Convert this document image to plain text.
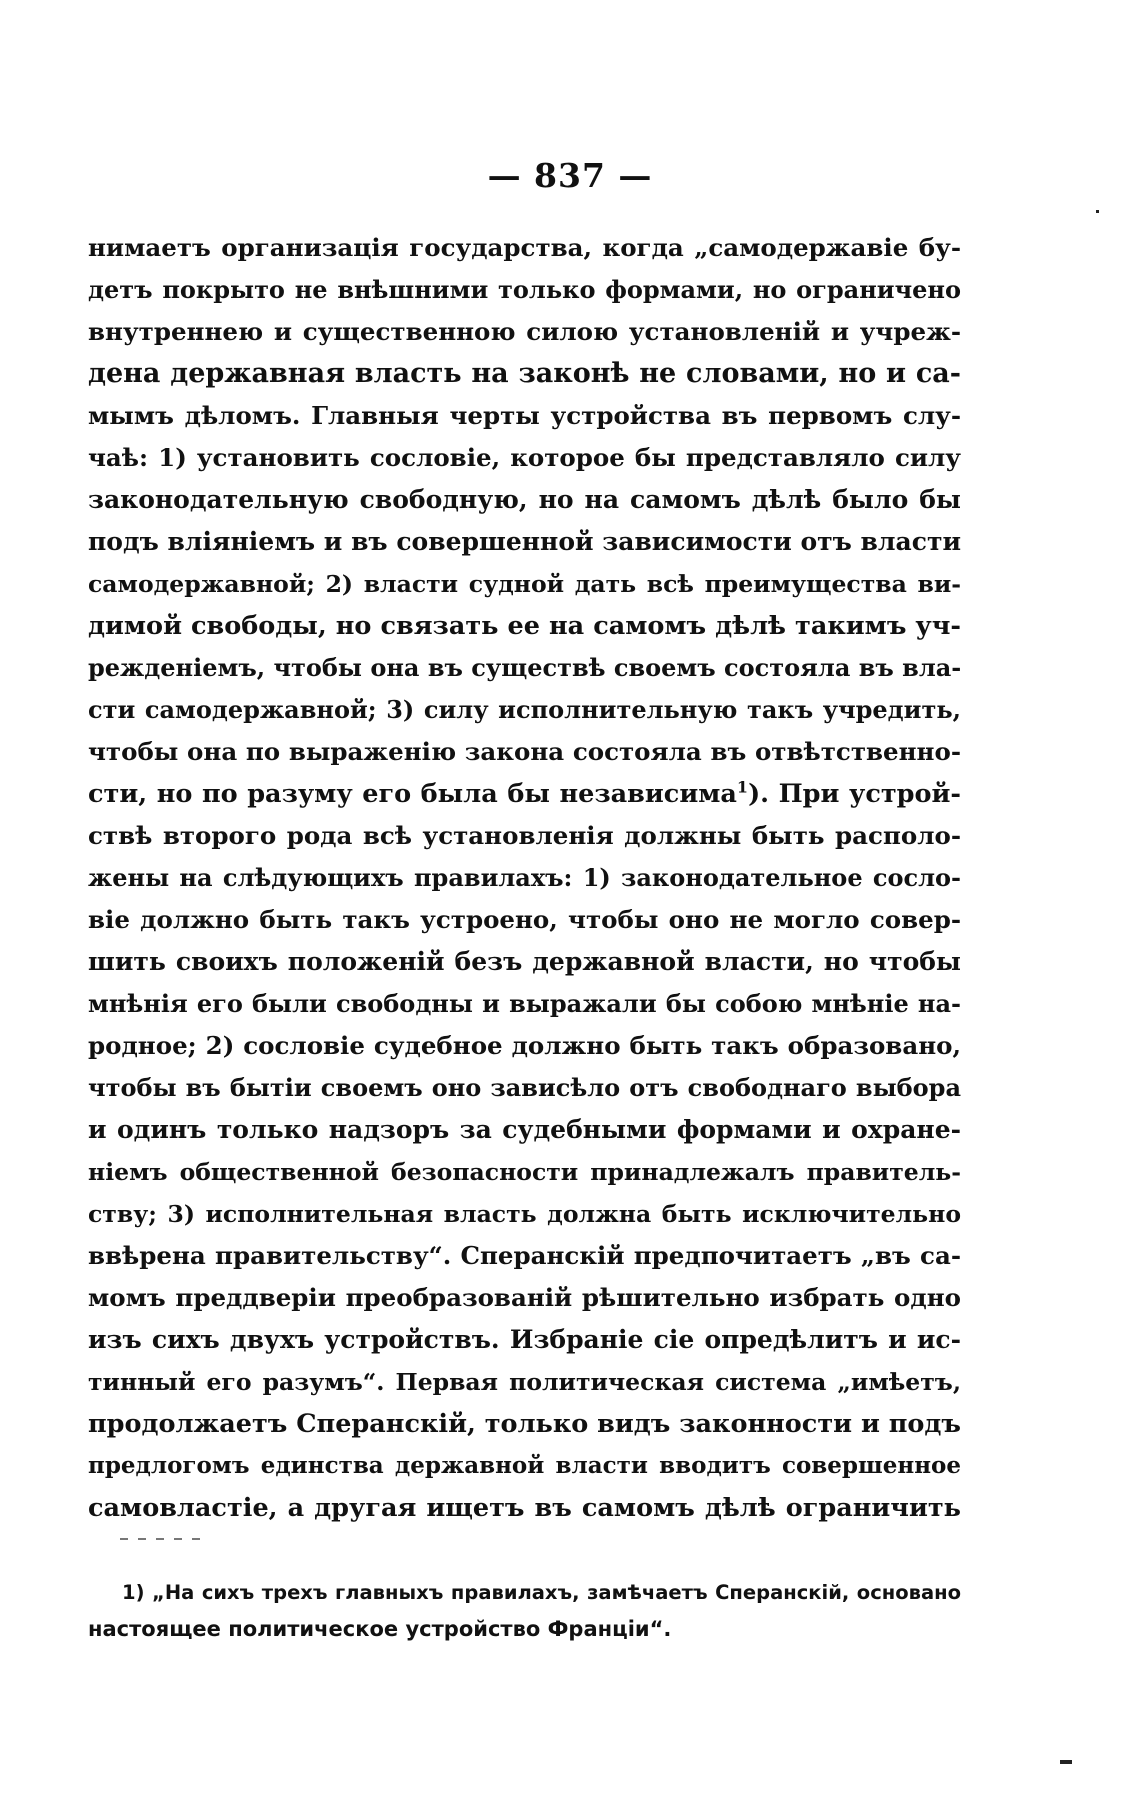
— 837 —
нимаетъ организація государства, когда „самодержавіе бу-
детъ покрыто не внѣшними только формами, но ограничено
внутреннею и существенною силою установленій и учреж-
дена державная власть на законѣ не словами, но и са-
мымъ дѣломъ. Главныя черты устройства въ первомъ слу-
чаѣ: 1) установить сословіе, которое бы представляло силу
законодательную свободную, но на самомъ дѣлѣ было бы
подъ вліяніемъ и въ совершенной зависимости отъ власти
самодержавной; 2) власти судной дать всѣ преимущества ви-
димой свободы, но связать ее на самомъ дѣлѣ такимъ уч-
режденіемъ, чтобы она въ существѣ своемъ состояла въ вла-
сти самодержавной; 3) силу исполнительную такъ учредить,
чтобы она по выраженію закона состояла въ отвѣтственно-
сти, но по разуму его была бы независима$^1$). При устрой-
ствѣ второго рода всѣ установленія должны быть располо-
жены на слѣдующихъ правилахъ: 1) законодательное сосло-
віе должно быть такъ устроено, чтобы оно не могло совер-
шить своихъ положеній безъ державной власти, но чтобы
мнѣнія его были свободны и выражали бы собою мнѣніе на-
родное; 2) сословіе судебное должно быть такъ образовано,
чтобы въ бытіи своемъ оно зависѣло отъ свободнаго выбора
и одинъ только надзоръ за судебными формами и охране-
ніемъ общественной безопасности принадлежалъ правитель-
ству; 3) исполнительная власть должна быть исключительно
ввѣрена правительству“. Сперанскій предпочитаетъ „въ са-
момъ преддверіи преобразованій рѣшительно избрать одно
изъ сихъ двухъ устройствъ. Избраніе сіе опредѣлитъ и ис-
тинный его разумъ“. Первая политическая система „имѣетъ,
продолжаетъ Сперанскій, только видъ законности и подъ
предлогомъ единства державной власти вводитъ совершенное
самовластіе, а другая ищетъ въ самомъ дѣлѣ ограничить
1) „На сихъ трехъ главныхъ правилахъ, замѣчаетъ Сперанскій, основано
настоящее политическое устройство Франціи“.
